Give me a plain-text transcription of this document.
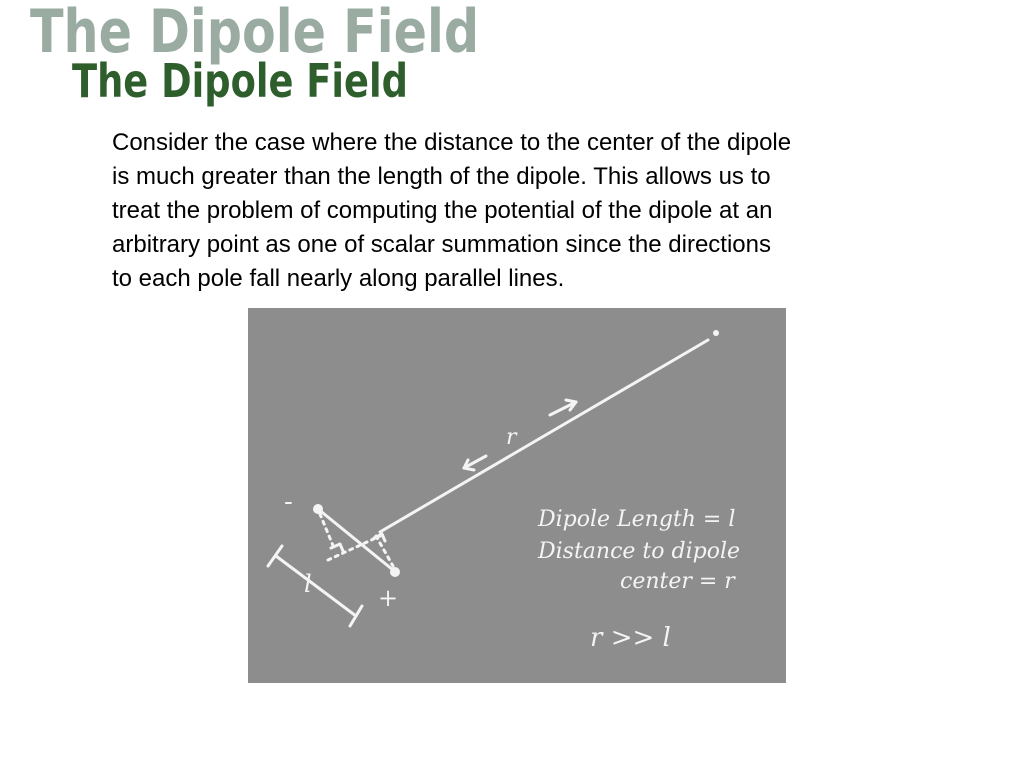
The Dipole Field
The Dipole Field
Consider the case where the distance to the center of the dipole
is much greater than the length of the dipole. This allows us to
treat the problem of computing the potential of the dipole at an
arbitrary point as one of scalar summation since the directions
to each pole fall nearly along parallel lines.
-
+
l
r
Dipole Length = l
Distance to dipole
center = r
r >> l
